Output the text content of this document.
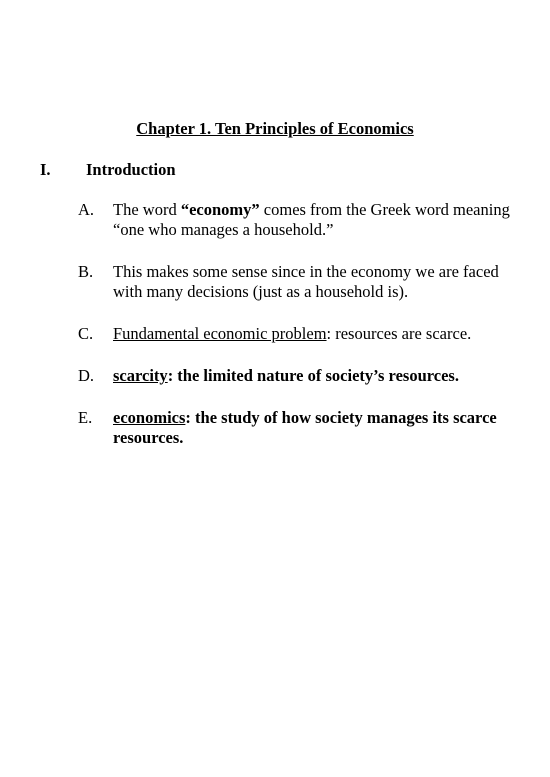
Chapter 1. Ten Principles of Economics
I. Introduction
A. The word “economy” comes from the Greek word meaning “one who manages a household.”
B. This makes some sense since in the economy we are faced with many decisions (just as a household is).
C. Fundamental economic problem: resources are scarce.
D. scarcity: the limited nature of society’s resources.
E. economics: the study of how society manages its scarce resources.
